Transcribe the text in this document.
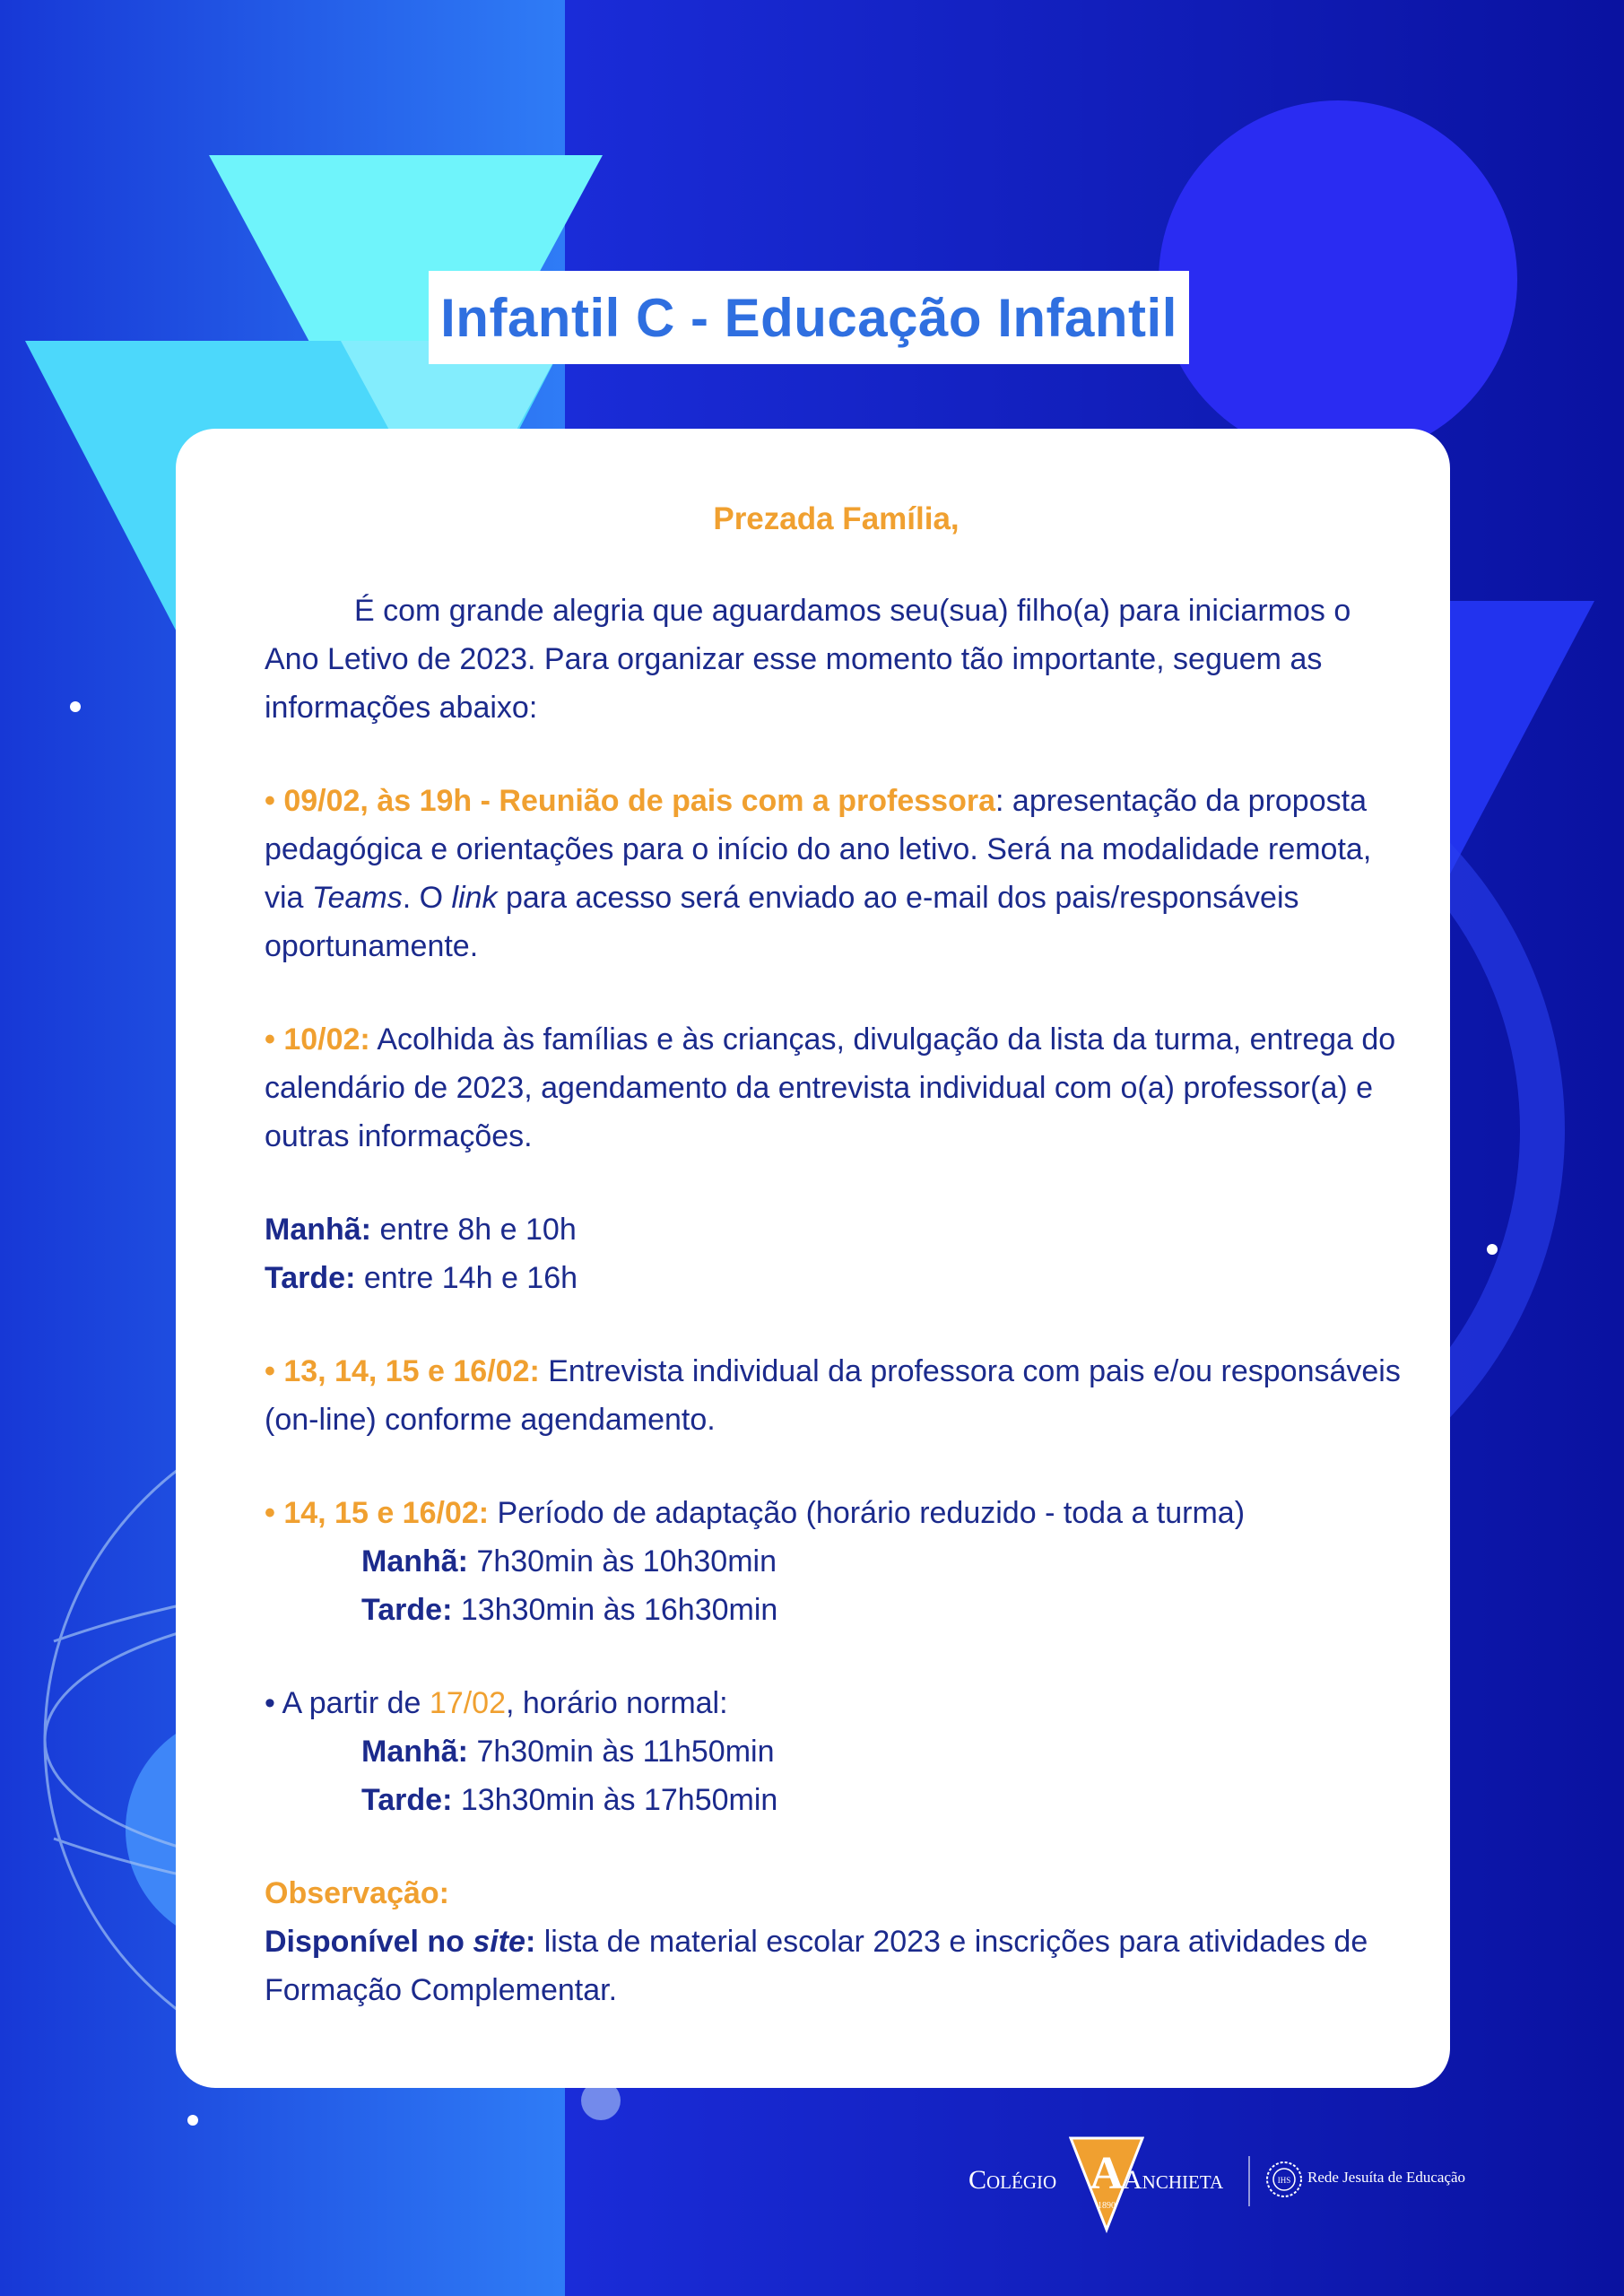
Infantil C - Educação Infantil

Prezada Família,

É com grande alegria que aguardamos seu(sua) filho(a) para iniciarmos o Ano Letivo de 2023. Para organizar esse momento tão importante, seguem as informações abaixo:

• 09/02, às 19h - Reunião de pais com a professora: apresentação da proposta pedagógica e orientações para o início do ano letivo. Será na modalidade remota, via Teams. O link para acesso será enviado ao e-mail dos pais/responsáveis oportunamente.

• 10/02: Acolhida às famílias e às crianças, divulgação da lista da turma, entrega do calendário de 2023, agendamento da entrevista individual com o(a) professor(a) e outras informações.

Manhã: entre 8h e 10h

Tarde: entre 14h e 16h

• 13, 14, 15 e 16/02: Entrevista individual da professora com pais e/ou responsáveis (on-line) conforme agendamento.

• 14, 15 e 16/02: Período de adaptação (horário reduzido - toda a turma)

Manhã: 7h30min às 10h30min

Tarde: 13h30min às 16h30min

• A partir de 17/02, horário normal:

Manhã: 7h30min às 11h50min

Tarde: 13h30min às 17h50min

Observação:

Disponível no site: lista de material escolar 2023 e inscrições para atividades de Formação Complementar.

Colégio A
1890
Anchieta	IHS Rede Jesuíta de Educação
